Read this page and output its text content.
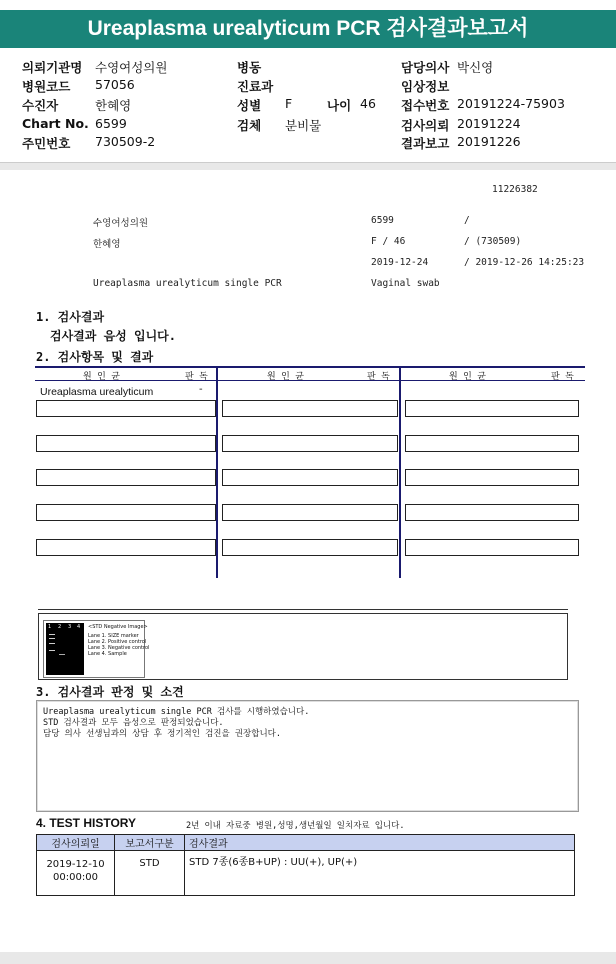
Ureaplasma urealyticum PCR 검사결과보고서
의뢰기관명 수영여성의원
병원코드 57056
수진자	한혜영
Chart No. 6599
주민번호 730509-2
병동
진료과
성별 F	나이 46
검체 분비물
담당의사 박신영
임상정보
접수번호 20191224-75903
검사의뢰 20191224
결과보고 20191226
11226382
수영여성의원	6599	/
한혜영	F / 46	/ (730509)
2019-12-24	/ 2019-12-26 14:25:23
Ureaplasma urealyticum single PCR	Vaginal swab
1. 검사결과
검사결과 음성 입니다.
2. 검사항목 및 결과
원 인 균	판 독	원 인 균	판 독	원 인 균	판 독
Ureaplasma urealyticum	-
1 2 3 4 <STD Negative Image>
Lane 1. SIZE marker
Lane 2. Positive control
Lane 3. Negative control
Lane 4. Sample
3. 검사결과 판정 및 소견
Ureaplasma urealyticum single PCR 검사를 시행하였습니다.
STD 검사결과 모두 음성으로 판정되었습니다.
담당 의사 선생님과의 상담 후 정기적인 검진을 권장합니다.
4. TEST HISTORY	2년 이내 자료중 병원,성명,생년월일 일치자료 입니다.
검사의뢰일	보고서구분	검사결과

2019-12-10
00:00:00	STD	STD 7종(6종B+UP) : UU(+), UP(+)
